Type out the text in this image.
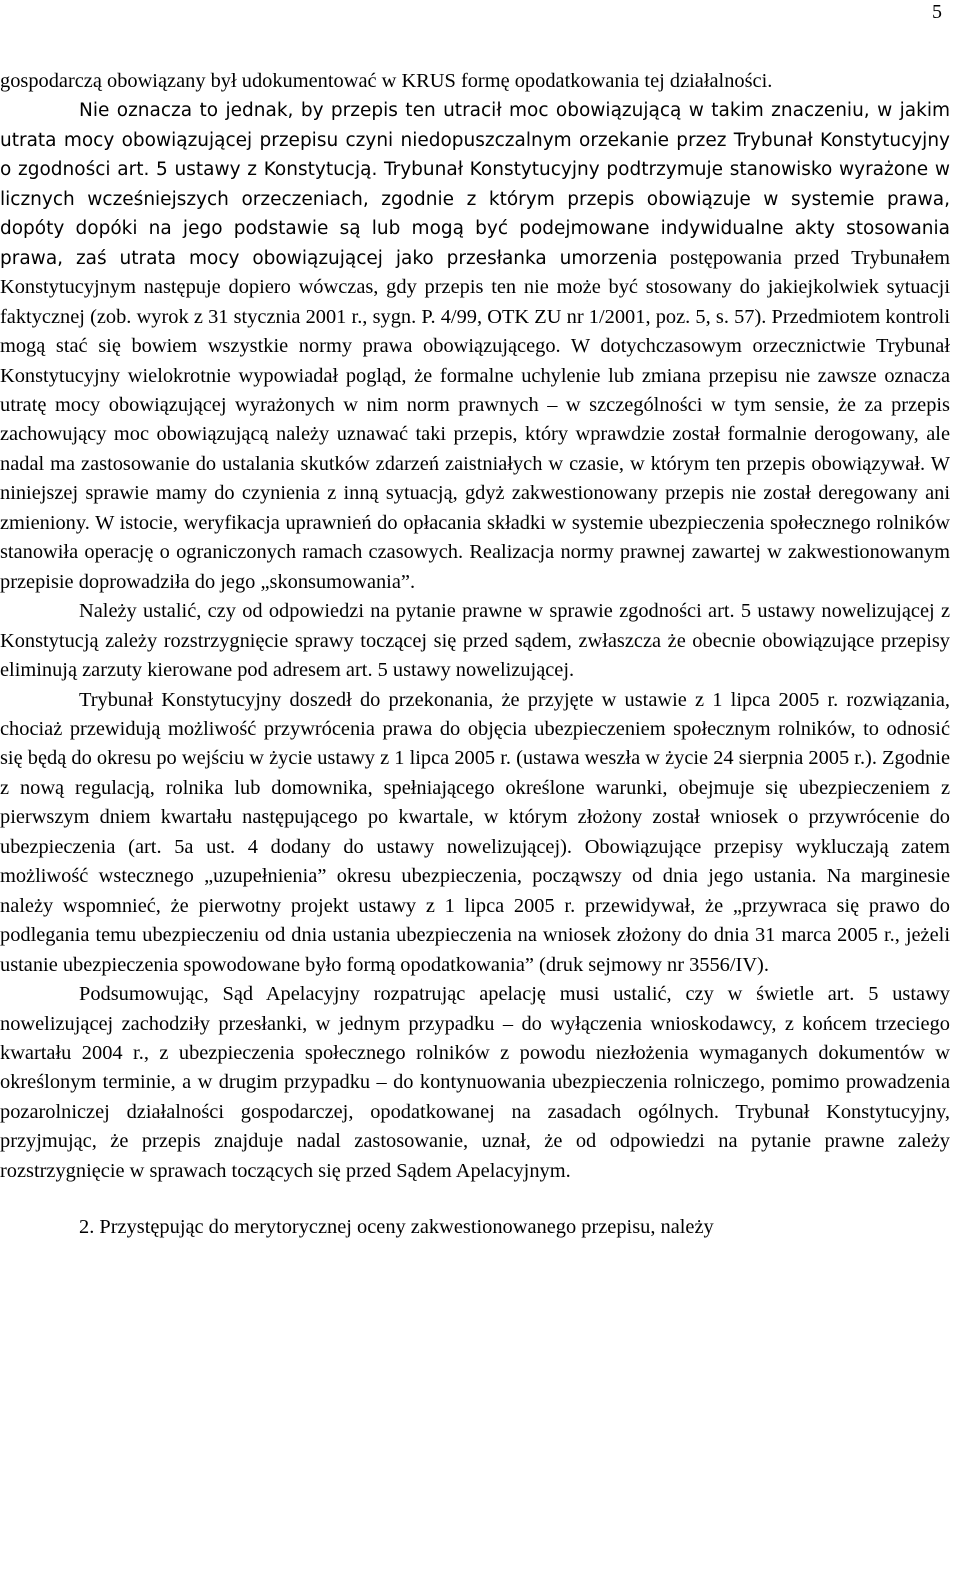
5

gospodarczą obowiązany był udokumentować w KRUS formę opodatkowania tej działalności.

Nie oznacza to jednak, by przepis ten utracił moc obowiązującą w takim znaczeniu, w jakim utrata mocy obowiązującej przepisu czyni niedopuszczalnym orzekanie przez Trybunał Konstytucyjny o zgodności art. 5 ustawy z Konstytucją. Trybunał Konstytucyjny podtrzymuje stanowisko wyrażone w licznych wcześniejszych orzeczeniach, zgodnie z którym przepis obowiązuje w systemie prawa, dopóty dopóki na jego podstawie są lub mogą być podejmowane indywidualne akty stosowania prawa, zaś utrata mocy obowiązującej jako przesłanka umorzenia postępowania przed Trybunałem Konstytucyjnym następuje dopiero wówczas, gdy przepis ten nie może być stosowany do jakiejkolwiek sytuacji faktycznej (zob. wyrok z 31 stycznia 2001 r., sygn. P. 4/99, OTK ZU nr 1/2001, poz. 5, s. 57). Przedmiotem kontroli mogą stać się bowiem wszystkie normy prawa obowiązującego. W dotychczasowym orzecznictwie Trybunał Konstytucyjny wielokrotnie wypowiadał pogląd, że formalne uchylenie lub zmiana przepisu nie zawsze oznacza utratę mocy obowiązującej wyrażonych w nim norm prawnych – w szczególności w tym sensie, że za przepis zachowujący moc obowiązującą należy uznawać taki przepis, który wprawdzie został formalnie derogowany, ale nadal ma zastosowanie do ustalania skutków zdarzeń zaistniałych w czasie, w którym ten przepis obowiązywał. W niniejszej sprawie mamy do czynienia z inną sytuacją, gdyż zakwestionowany przepis nie został deregowany ani zmieniony. W istocie, weryfikacja uprawnień do opłacania składki w systemie ubezpieczenia społecznego rolników stanowiła operację o ograniczonych ramach czasowych. Realizacja normy prawnej zawartej w zakwestionowanym przepisie doprowadziła do jego „skonsumowania”.

Należy ustalić, czy od odpowiedzi na pytanie prawne w sprawie zgodności art. 5 ustawy nowelizującej z Konstytucją zależy rozstrzygnięcie sprawy toczącej się przed sądem, zwłaszcza że obecnie obowiązujące przepisy eliminują zarzuty kierowane pod adresem art. 5 ustawy nowelizującej.

Trybunał Konstytucyjny doszedł do przekonania, że przyjęte w ustawie z 1 lipca 2005 r. rozwiązania, chociaż przewidują możliwość przywrócenia prawa do objęcia ubezpieczeniem społecznym rolników, to odnosić się będą do okresu po wejściu w życie ustawy z 1 lipca 2005 r. (ustawa weszła w życie 24 sierpnia 2005 r.). Zgodnie z nową regulacją, rolnika lub domownika, spełniającego określone warunki, obejmuje się ubezpieczeniem z pierwszym dniem kwartału następującego po kwartale, w którym złożony został wniosek o przywrócenie do ubezpieczenia (art. 5a ust. 4 dodany do ustawy nowelizującej). Obowiązujące przepisy wykluczają zatem możliwość wstecznego „uzupełnienia” okresu ubezpieczenia, począwszy od dnia jego ustania. Na marginesie należy wspomnieć, że pierwotny projekt ustawy z 1 lipca 2005 r. przewidywał, że „przywraca się prawo do podlegania temu ubezpieczeniu od dnia ustania ubezpieczenia na wniosek złożony do dnia 31 marca 2005 r., jeżeli ustanie ubezpieczenia spowodowane było formą opodatkowania” (druk sejmowy nr 3556/IV).

Podsumowując, Sąd Apelacyjny rozpatrując apelację musi ustalić, czy w świetle art. 5 ustawy nowelizującej zachodziły przesłanki, w jednym przypadku – do wyłączenia wnioskodawcy, z końcem trzeciego kwartału 2004 r., z ubezpieczenia społecznego rolników z powodu niezłożenia wymaganych dokumentów w określonym terminie, a w drugim przypadku – do kontynuowania ubezpieczenia rolniczego, pomimo prowadzenia pozarolniczej działalności gospodarczej, opodatkowanej na zasadach ogólnych. Trybunał Konstytucyjny, przyjmując, że przepis znajduje nadal zastosowanie, uznał, że od odpowiedzi na pytanie prawne zależy rozstrzygnięcie w sprawach toczących się przed Sądem Apelacyjnym.

2. Przystępując do merytorycznej oceny zakwestionowanego przepisu, należy
